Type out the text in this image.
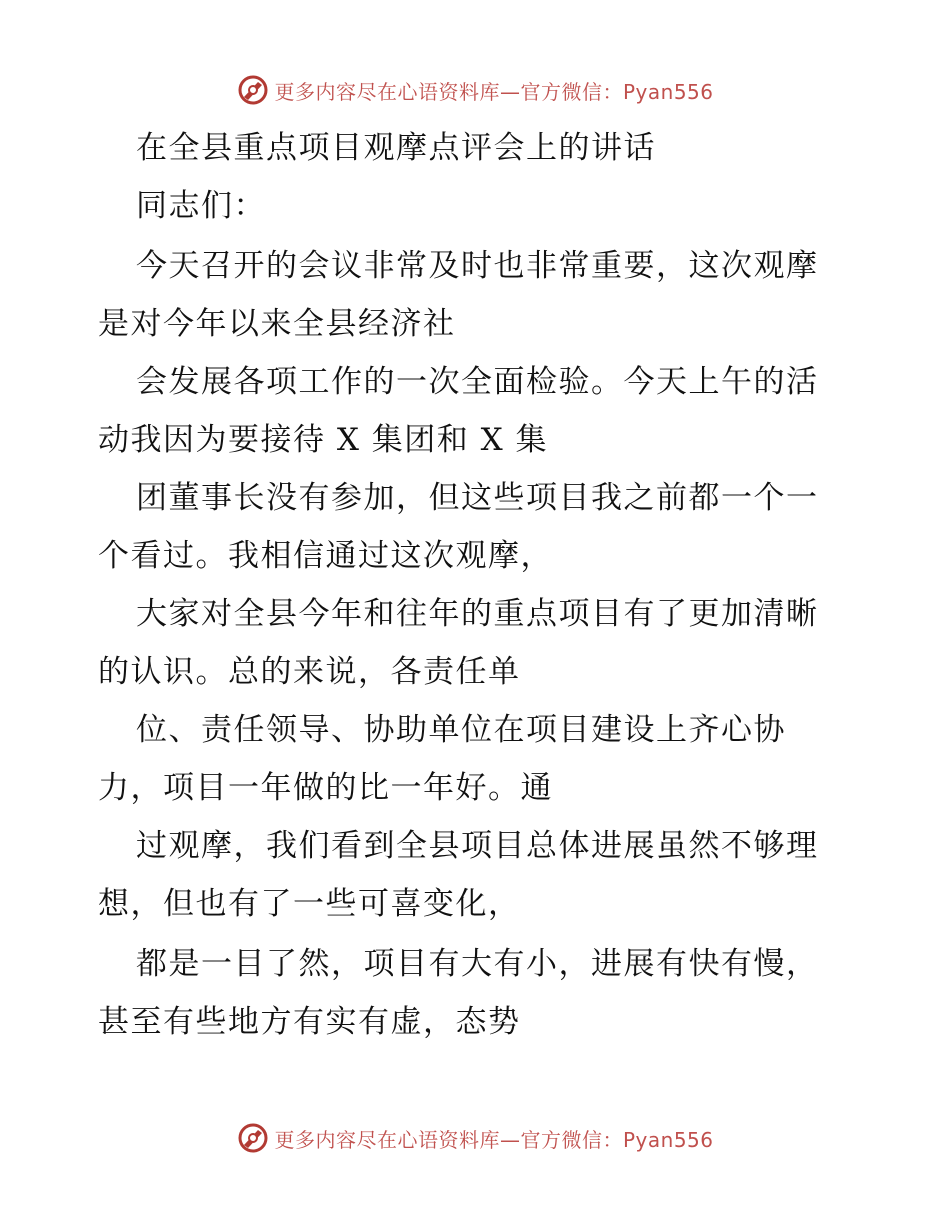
更多内容尽在心语资料库—官方微信：Pyan556
在全县重点项目观摩点评会上的讲话
同志们：
今天召开的会议非常及时也非常重要，这次观摩
是对今年以来全县经济社
会发展各项工作的一次全面检验。今天上午的活
动我因为要接待 X 集团和 X 集
团董事长没有参加，但这些项目我之前都一个一
个看过。我相信通过这次观摩，
大家对全县今年和往年的重点项目有了更加清晰
的认识。总的来说，各责任单
位、责任领导、协助单位在项目建设上齐心协
力，项目一年做的比一年好。通
过观摩，我们看到全县项目总体进展虽然不够理
想，但也有了一些可喜变化，
都是一目了然，项目有大有小，进展有快有慢，
甚至有些地方有实有虚，态势
更多内容尽在心语资料库—官方微信：Pyan556
